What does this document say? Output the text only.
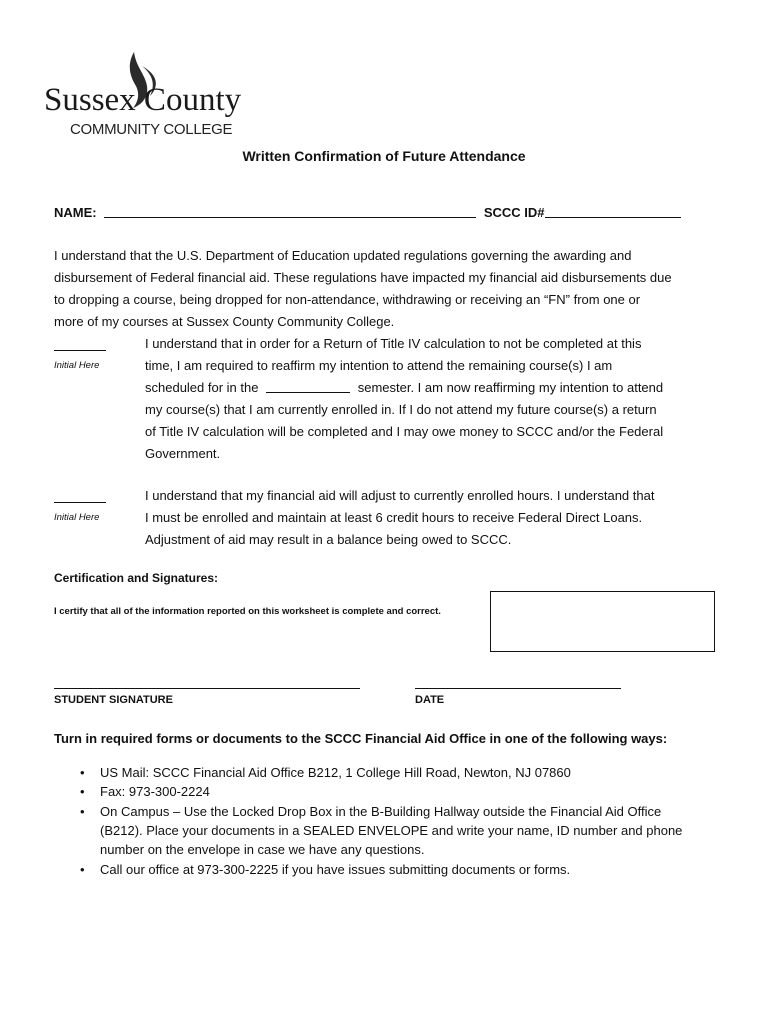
Sussex County
COMMUNITY COLLEGE
Written Confirmation of Future Attendance
NAME:	SCCC ID#
I understand that the U.S. Department of Education updated regulations governing the awarding and
disbursement of Federal financial aid. These regulations have impacted my financial aid disbursements due
to dropping a course, being dropped for non-attendance, withdrawing or receiving an “FN” from one or
more of my courses at Sussex County Community College.
Initial Here
I understand that in order for a Return of Title IV calculation to not be completed at this
time, I am required to reaffirm my intention to attend the remaining course(s) I am
scheduled for in the	semester. I am now reaffirming my intention to attend
my course(s) that I am currently enrolled in. If I do not attend my future course(s) a return
of Title IV calculation will be completed and I may owe money to SCCC and/or the Federal
Government.
Initial Here
I understand that my financial aid will adjust to currently enrolled hours. I understand that
I must be enrolled and maintain at least 6 credit hours to receive Federal Direct Loans.
Adjustment of aid may result in a balance being owed to SCCC.
Certification and Signatures:
I certify that all of the information reported on this worksheet is complete and correct.
STUDENT SIGNATURE	DATE
Turn in required forms or documents to the SCCC Financial Aid Office in one of the following ways:
• US Mail: SCCC Financial Aid Office B212, 1 College Hill Road, Newton, NJ 07860
• Fax: 973-300-2224
• On Campus – Use the Locked Drop Box in the B-Building Hallway outside the Financial Aid Office
(B212). Place your documents in a SEALED ENVELOPE and write your name, ID number and phone
number on the envelope in case we have any questions.
• Call our office at 973-300-2225 if you have issues submitting documents or forms.
